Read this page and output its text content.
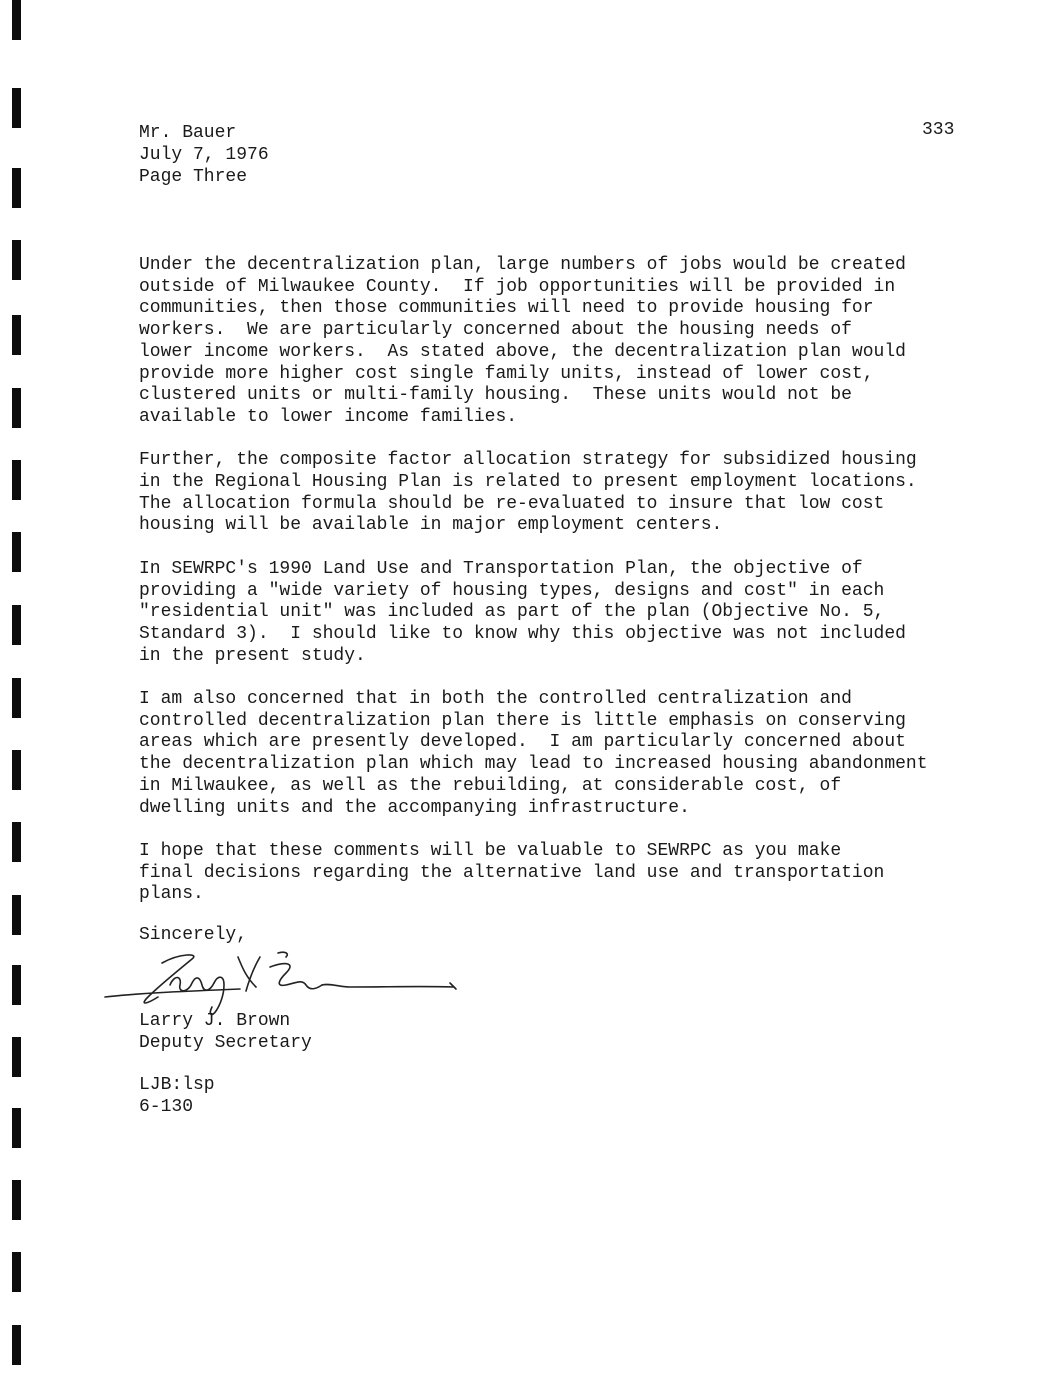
333
Mr. Bauer
July 7, 1976
Page Three
Under the decentralization plan, large numbers of jobs would be created
outside of Milwaukee County.  If job opportunities will be provided in
communities, then those communities will need to provide housing for
workers.  We are particularly concerned about the housing needs of
lower income workers.  As stated above, the decentralization plan would
provide more higher cost single family units, instead of lower cost,
clustered units or multi-family housing.  These units would not be
available to lower income families.
Further, the composite factor allocation strategy for subsidized housing
in the Regional Housing Plan is related to present employment locations.
The allocation formula should be re-evaluated to insure that low cost
housing will be available in major employment centers.
In SEWRPC's 1990 Land Use and Transportation Plan, the objective of
providing a "wide variety of housing types, designs and cost" in each
"residential unit" was included as part of the plan (Objective No. 5,
Standard 3).  I should like to know why this objective was not included
in the present study.
I am also concerned that in both the controlled centralization and
controlled decentralization plan there is little emphasis on conserving
areas which are presently developed.  I am particularly concerned about
the decentralization plan which may lead to increased housing abandonment
in Milwaukee, as well as the rebuilding, at considerable cost, of
dwelling units and the accompanying infrastructure.
I hope that these comments will be valuable to SEWRPC as you make
final decisions regarding the alternative land use and transportation
plans.
Sincerely,
Larry J. Brown
Deputy Secretary
LJB:lsp
6-130
